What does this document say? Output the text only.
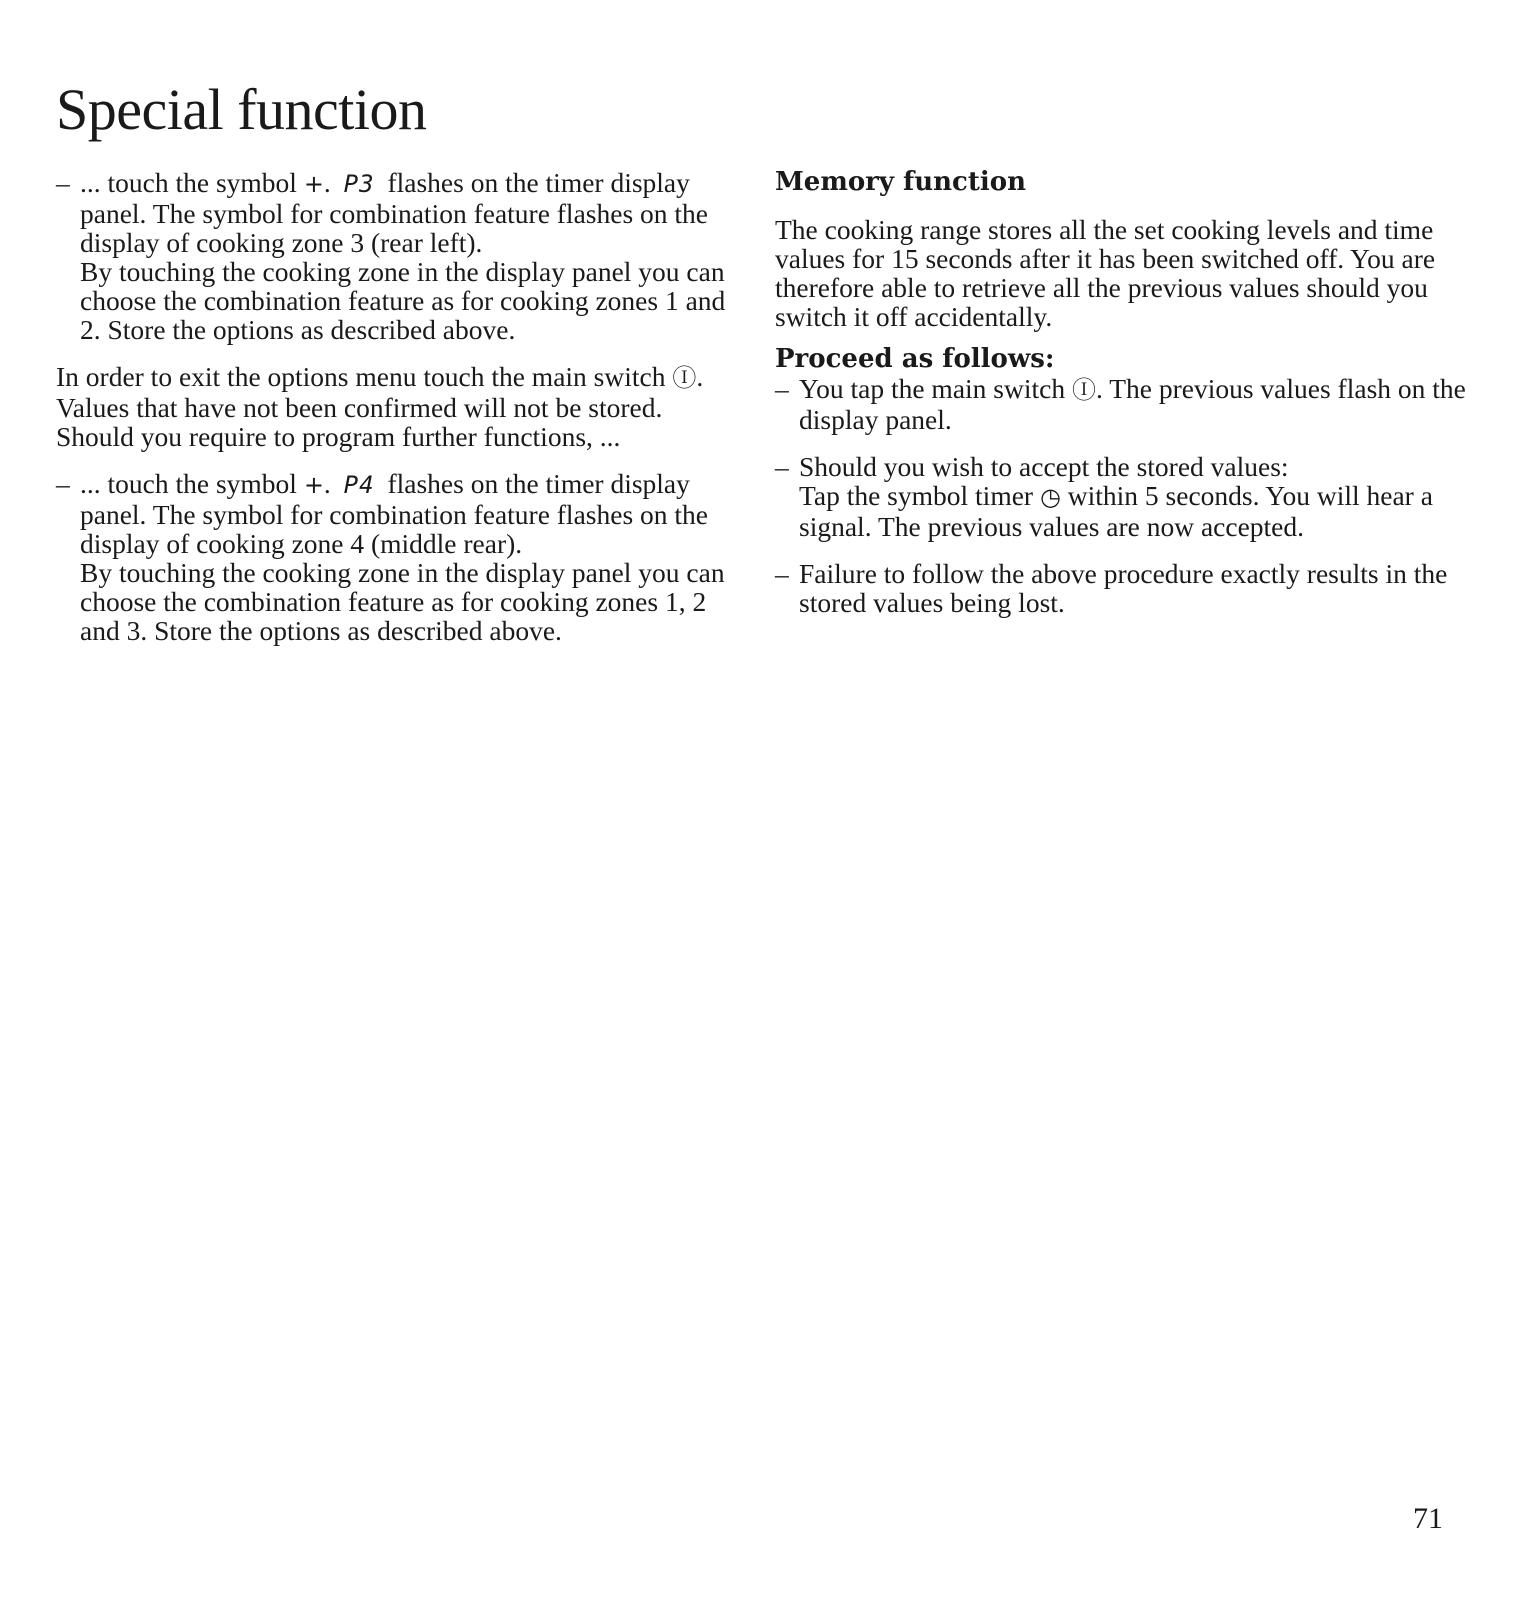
Special function
– ... touch the symbol +. P3 flashes on the timer display panel. The symbol for combination feature flashes on the display of cooking zone 3 (rear left).
By touching the cooking zone in the display panel you can choose the combination feature as for cooking zones 1 and 2. Store the options as described above.

In order to exit the options menu touch the main switch Ⓘ. Values that have not been confirmed will not be stored.
Should you require to program further functions, ...

– ... touch the symbol +. P4 flashes on the timer display panel. The symbol for combination feature flashes on the display of cooking zone 4 (middle rear).
By touching the cooking zone in the display panel you can choose the combination feature as for cooking zones 1, 2 and 3. Store the options as described above.
Memory function

The cooking range stores all the set cooking levels and time values for 15 seconds after it has been switched off. You are therefore able to retrieve all the previous values should you switch it off accidentally.

Proceed as follows:
– You tap the main switch Ⓘ. The previous values flash on the display panel.
– Should you wish to accept the stored values:
Tap the symbol timer ◷ within 5 seconds. You will hear a signal. The previous values are now accepted.
– Failure to follow the above procedure exactly results in the stored values being lost.
71
